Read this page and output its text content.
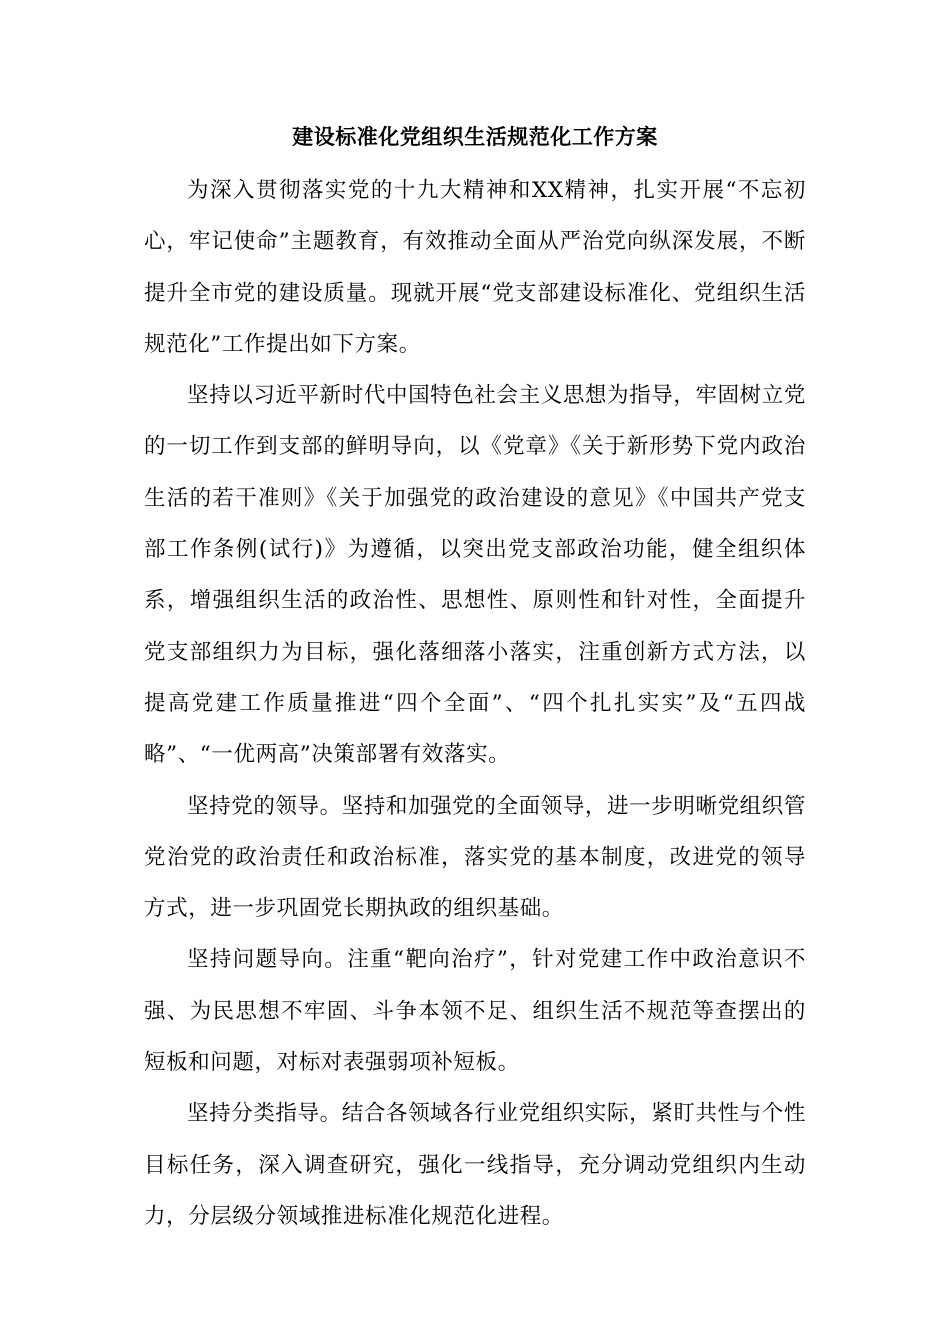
建设标准化党组织生活规范化工作方案

为深入贯彻落实党的十九大精神和XX精神，扎实开展“不忘初心，牢记使命”主题教育，有效推动全面从严治党向纵深发展，不断提升全市党的建设质量。现就开展“党支部建设标准化、党组织生活规范化”工作提出如下方案。

坚持以习近平新时代中国特色社会主义思想为指导，牢固树立党的一切工作到支部的鲜明导向，以《党章》《关于新形势下党内政治生活的若干准则》《关于加强党的政治建设的意见》《中国共产党支部工作条例(试行)》为遵循，以突出党支部政治功能，健全组织体系，增强组织生活的政治性、思想性、原则性和针对性，全面提升党支部组织力为目标，强化落细落小落实，注重创新方式方法，以提高党建工作质量推进“四个全面”、“四个扎扎实实”及“五四战略”、“一优两高”决策部署有效落实。

坚持党的领导。坚持和加强党的全面领导，进一步明晰党组织管党治党的政治责任和政治标准，落实党的基本制度，改进党的领导方式，进一步巩固党长期执政的组织基础。

坚持问题导向。注重“靶向治疗”，针对党建工作中政治意识不强、为民思想不牢固、斗争本领不足、组织生活不规范等查摆出的短板和问题，对标对表强弱项补短板。

坚持分类指导。结合各领域各行业党组织实际，紧盯共性与个性目标任务，深入调查研究，强化一线指导，充分调动党组织内生动力，分层级分领域推进标准化规范化进程。
